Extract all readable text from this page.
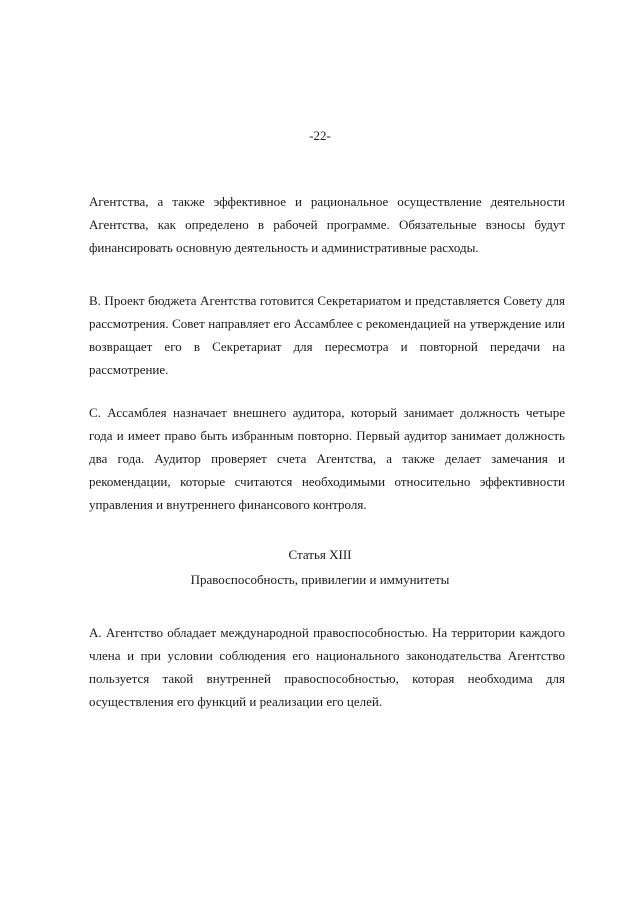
-22-

Агентства, а также эффективное и рациональное осуществление деятельности Агентства, как определено в рабочей программе. Обязательные взносы будут финансировать основную деятельность и административные расходы.

B. Проект бюджета Агентства готовится Секретариатом и представляется Совету для рассмотрения. Совет направляет его Ассамблее с рекомендацией на утверждение или возвращает его в Секретариат для пересмотра и повторной передачи на рассмотрение.

C. Ассамблея назначает внешнего аудитора, который занимает должность четыре года и имеет право быть избранным повторно. Первый аудитор занимает должность два года. Аудитор проверяет счета Агентства, а также делает замечания и рекомендации, которые считаются необходимыми относительно эффективности управления и внутреннего финансового контроля.

Статья XIII
Правоспособность, привилегии и иммунитеты

A. Агентство обладает международной правоспособностью. На территории каждого члена и при условии соблюдения его национального законодательства Агентство пользуется такой внутренней правоспособностью, которая необходима для осуществления его функций и реализации его целей.
